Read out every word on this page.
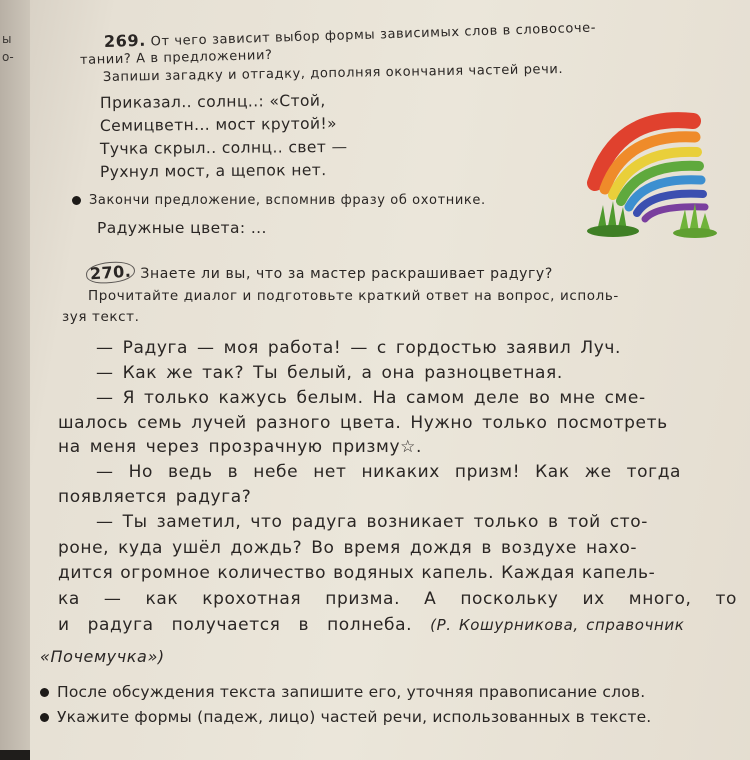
ы
о-
269. От чего зависит выбор формы зависимых слов в словосоче-
тании? А в предложении?
Запиши загадку и отгадку, дополняя окончания частей речи.
Приказал.. солнц..: «Стой,
Семицветн... мост крутой!»
Тучка скрыл.. солнц.. свет —
Рухнул мост, а щепок нет.
Закончи предложение, вспомнив фразу об охотнике.
Радужные цвета: ...
270. Знаете ли вы, что за мастер раскрашивает радугу?
Прочитайте диалог и подготовьте краткий ответ на вопрос, исполь-
зуя текст.
— Радуга — моя работа! — с гордостью заявил Луч.
— Как же так? Ты белый, а она разноцветная.
— Я только кажусь белым. На самом деле во мне сме-
шалось семь лучей разного цвета. Нужно только посмотреть
на меня через прозрачную призму☆.
— Но ведь в небе нет никаких призм! Как же тогда
появляется радуга?
— Ты заметил, что радуга возникает только в той сто-
роне, куда ушёл дождь? Во время дождя в воздухе нахо-
дится огромное количество водяных капель. Каждая капель-
ка — как крохотная призма. А поскольку их много, то
и радуга получается в полнеба. (Р. Кошурникова, справочник
«Почемучка»)
После обсуждения текста запишите его, уточняя правописание слов.
Укажите формы (падеж, лицо) частей речи, использованных в тексте.
